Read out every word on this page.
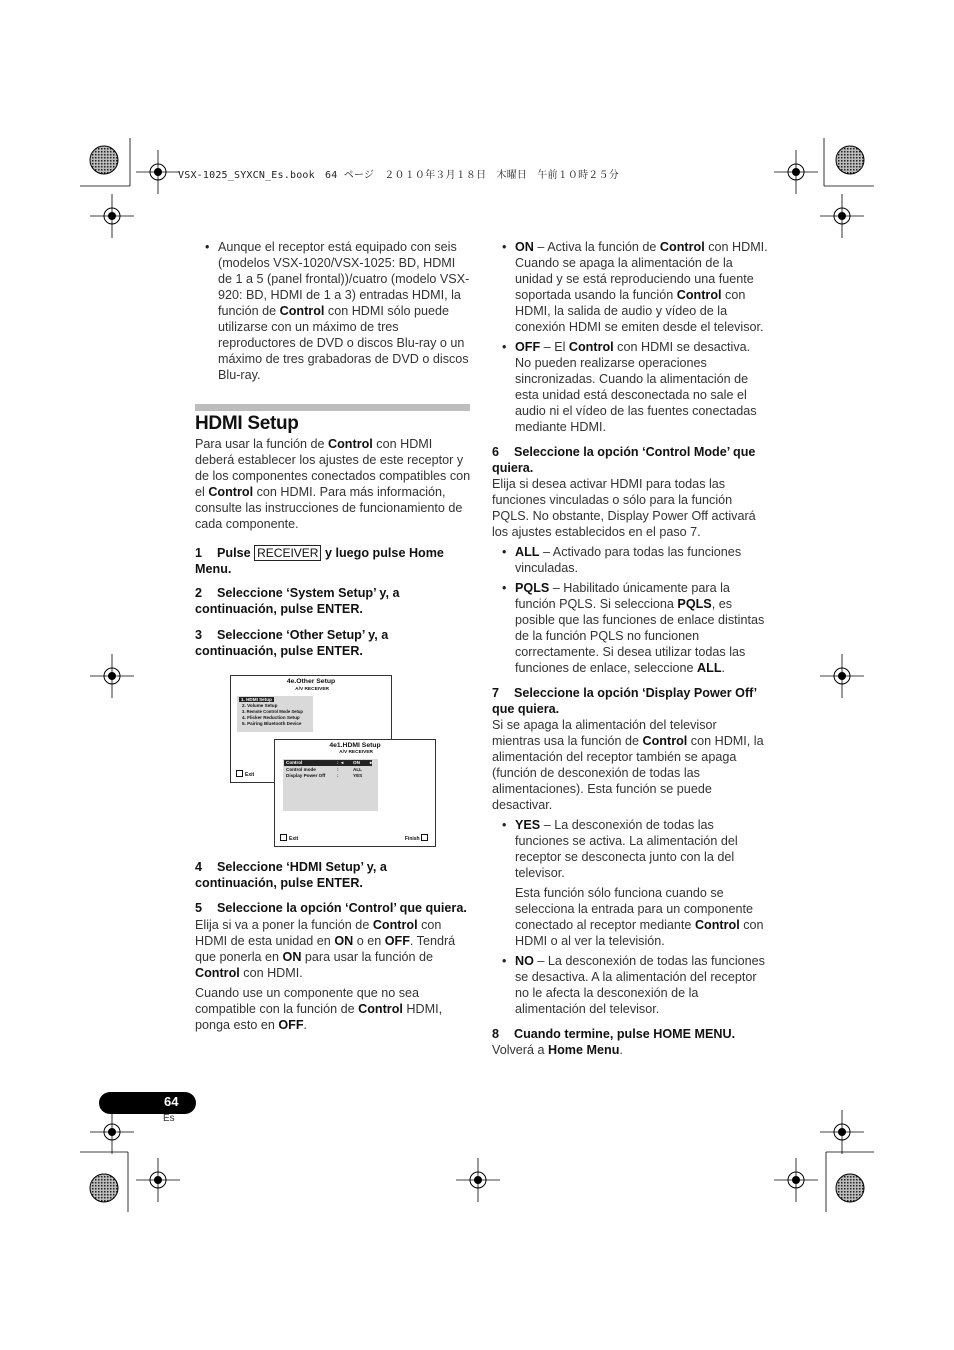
VSX-1025_SYXCN_Es.book　64 ページ　２０１０年３月１８日　木曜日　午前１０時２５分
• Aunque el receptor está equipado con seis (modelos VSX-1020/VSX-1025: BD, HDMI de 1 a 5 (panel frontal))/cuatro (modelo VSX-920: BD, HDMI de 1 a 3) entradas HDMI, la función de Control con HDMI sólo puede utilizarse con un máximo de tres reproductores de DVD o discos Blu-ray o un máximo de tres grabadoras de DVD o discos Blu-ray.
HDMI Setup

Para usar la función de Control con HDMI deberá establecer los ajustes de este receptor y de los componentes conectados compatibles con el Control con HDMI. Para más información, consulte las instrucciones de funcionamiento de cada componente.

1 Pulse RECEIVER y luego pulse Home Menu.

2 Seleccione ‘System Setup’ y, a continuación, pulse ENTER.

3 Seleccione ‘Other Setup’ y, a continuación, pulse ENTER.

4e.Other Setup
A/V RECEIVER
1. HDMI Setup
2. Volume Setup
3. Remote Control Mode Setup
4. Flicker Reduction Setup
5. Pairing Bluetooth Device
Exit
4e1.HDMI Setup
A/V RECEIVER
Control	: ◂ ON ▸
Control mode	:	ALL
Display Power Off	:	YES
Exit	Finish

4 Seleccione ‘HDMI Setup’ y, a continuación, pulse ENTER.

5 Seleccione la opción ‘Control’ que quiera.

Elija si va a poner la función de Control con HDMI de esta unidad en ON o en OFF. Tendrá que ponerla en ON para usar la función de Control con HDMI.

Cuando use un componente que no sea compatible con la función de Control HDMI, ponga esto en OFF.

• ON – Activa la función de Control con HDMI. Cuando se apaga la alimentación de la unidad y se está reproduciendo una fuente soportada usando la función Control con HDMI, la salida de audio y vídeo de la conexión HDMI se emiten desde el televisor.
• OFF – El Control con HDMI se desactiva. No pueden realizarse operaciones sincronizadas. Cuando la alimentación de esta unidad está desconectada no sale el audio ni el vídeo de las fuentes conectadas mediante HDMI.

6 Seleccione la opción ‘Control Mode’ que quiera.

Elija si desea activar HDMI para todas las funciones vinculadas o sólo para la función PQLS. No obstante, Display Power Off activará los ajustes establecidos en el paso 7.

• ALL – Activado para todas las funciones vinculadas.
• PQLS – Habilitado únicamente para la función PQLS. Si selecciona PQLS, es posible que las funciones de enlace distintas de la función PQLS no funcionen correctamente. Si desea utilizar todas las funciones de enlace, seleccione ALL.

7 Seleccione la opción ‘Display Power Off’ que quiera.

Si se apaga la alimentación del televisor mientras usa la función de Control con HDMI, la alimentación del receptor también se apaga (función de desconexión de todas las alimentaciones). Esta función se puede desactivar.

• YES – La desconexión de todas las funciones se activa. La alimentación del receptor se desconecta junto con la del televisor.

Esta función sólo funciona cuando se selecciona la entrada para un componente conectado al receptor mediante Control con HDMI o al ver la televisión.

• NO – La desconexión de todas las funciones se desactiva. A la alimentación del receptor no le afecta la desconexión de la alimentación del televisor.

8 Cuando termine, pulse HOME MENU.

Volverá a Home Menu.

64
Es
